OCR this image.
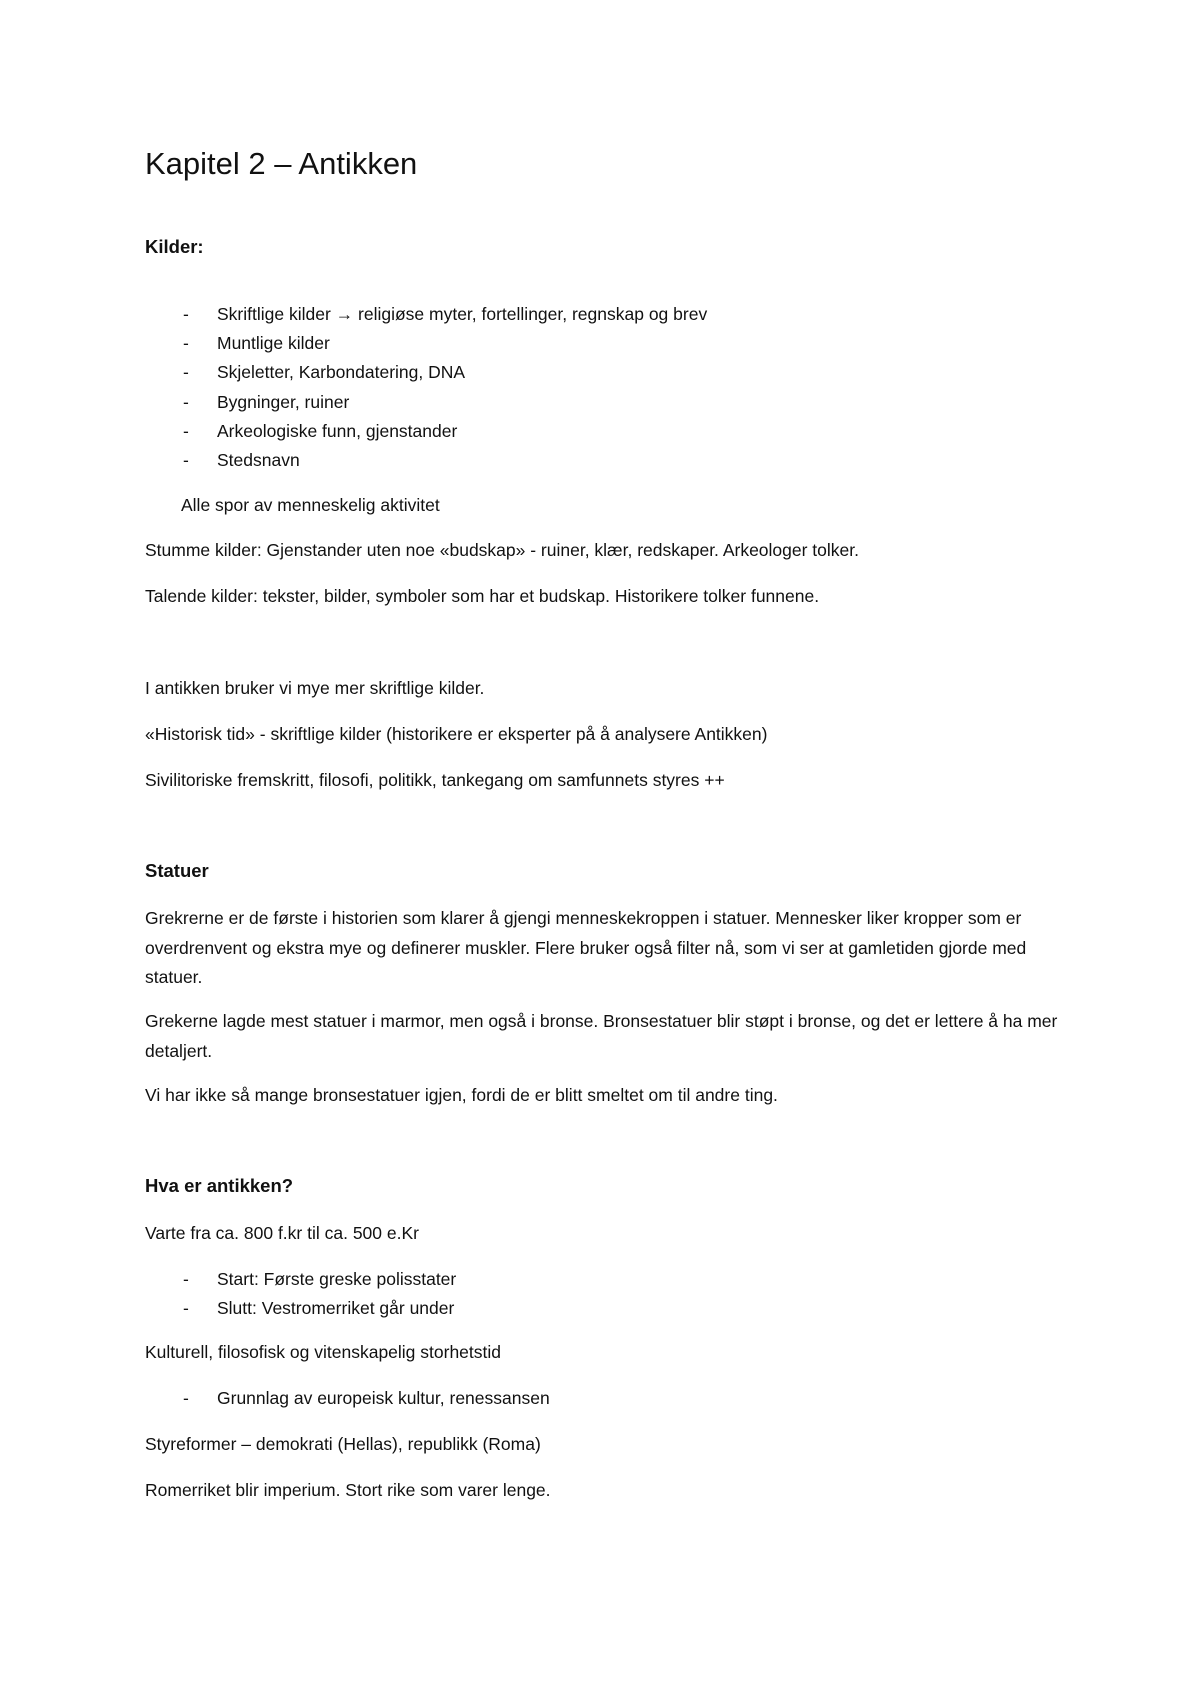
Kapitel 2 – Antikken
Kilder:
- Skriftlige kilder → religiøse myter, fortellinger, regnskap og brev
- Muntlige kilder
- Skjeletter, Karbondatering, DNA
- Bygninger, ruiner
- Arkeologiske funn, gjenstander
- Stedsnavn

Alle spor av menneskelig aktivitet

Stumme kilder: Gjenstander uten noe «budskap» - ruiner, klær, redskaper. Arkeologer tolker.

Talende kilder: tekster, bilder, symboler som har et budskap. Historikere tolker funnene.

I antikken bruker vi mye mer skriftlige kilder.

«Historisk tid» - skriftlige kilder (historikere er eksperter på å analysere Antikken)

Sivilitoriske fremskritt, filosofi, politikk, tankegang om samfunnets styres ++

Statuer

Grekrerne er de første i historien som klarer å gjengi menneskekroppen i statuer. Mennesker liker kropper som er overdrenvent og ekstra mye og definerer muskler. Flere bruker også filter nå, som vi ser at gamletiden gjorde med statuer.

Grekerne lagde mest statuer i marmor, men også i bronse. Bronsestatuer blir støpt i bronse, og det er lettere å ha mer detaljert.

Vi har ikke så mange bronsestatuer igjen, fordi de er blitt smeltet om til andre ting.

Hva er antikken?

Varte fra ca. 800 f.kr til ca. 500 e.Kr

- Start: Første greske polisstater
- Slutt: Vestromerriket går under

Kulturell, filosofisk og vitenskapelig storhetstid

- Grunnlag av europeisk kultur, renessansen

Styreformer – demokrati (Hellas), republikk (Roma)

Romerriket blir imperium. Stort rike som varer lenge.
